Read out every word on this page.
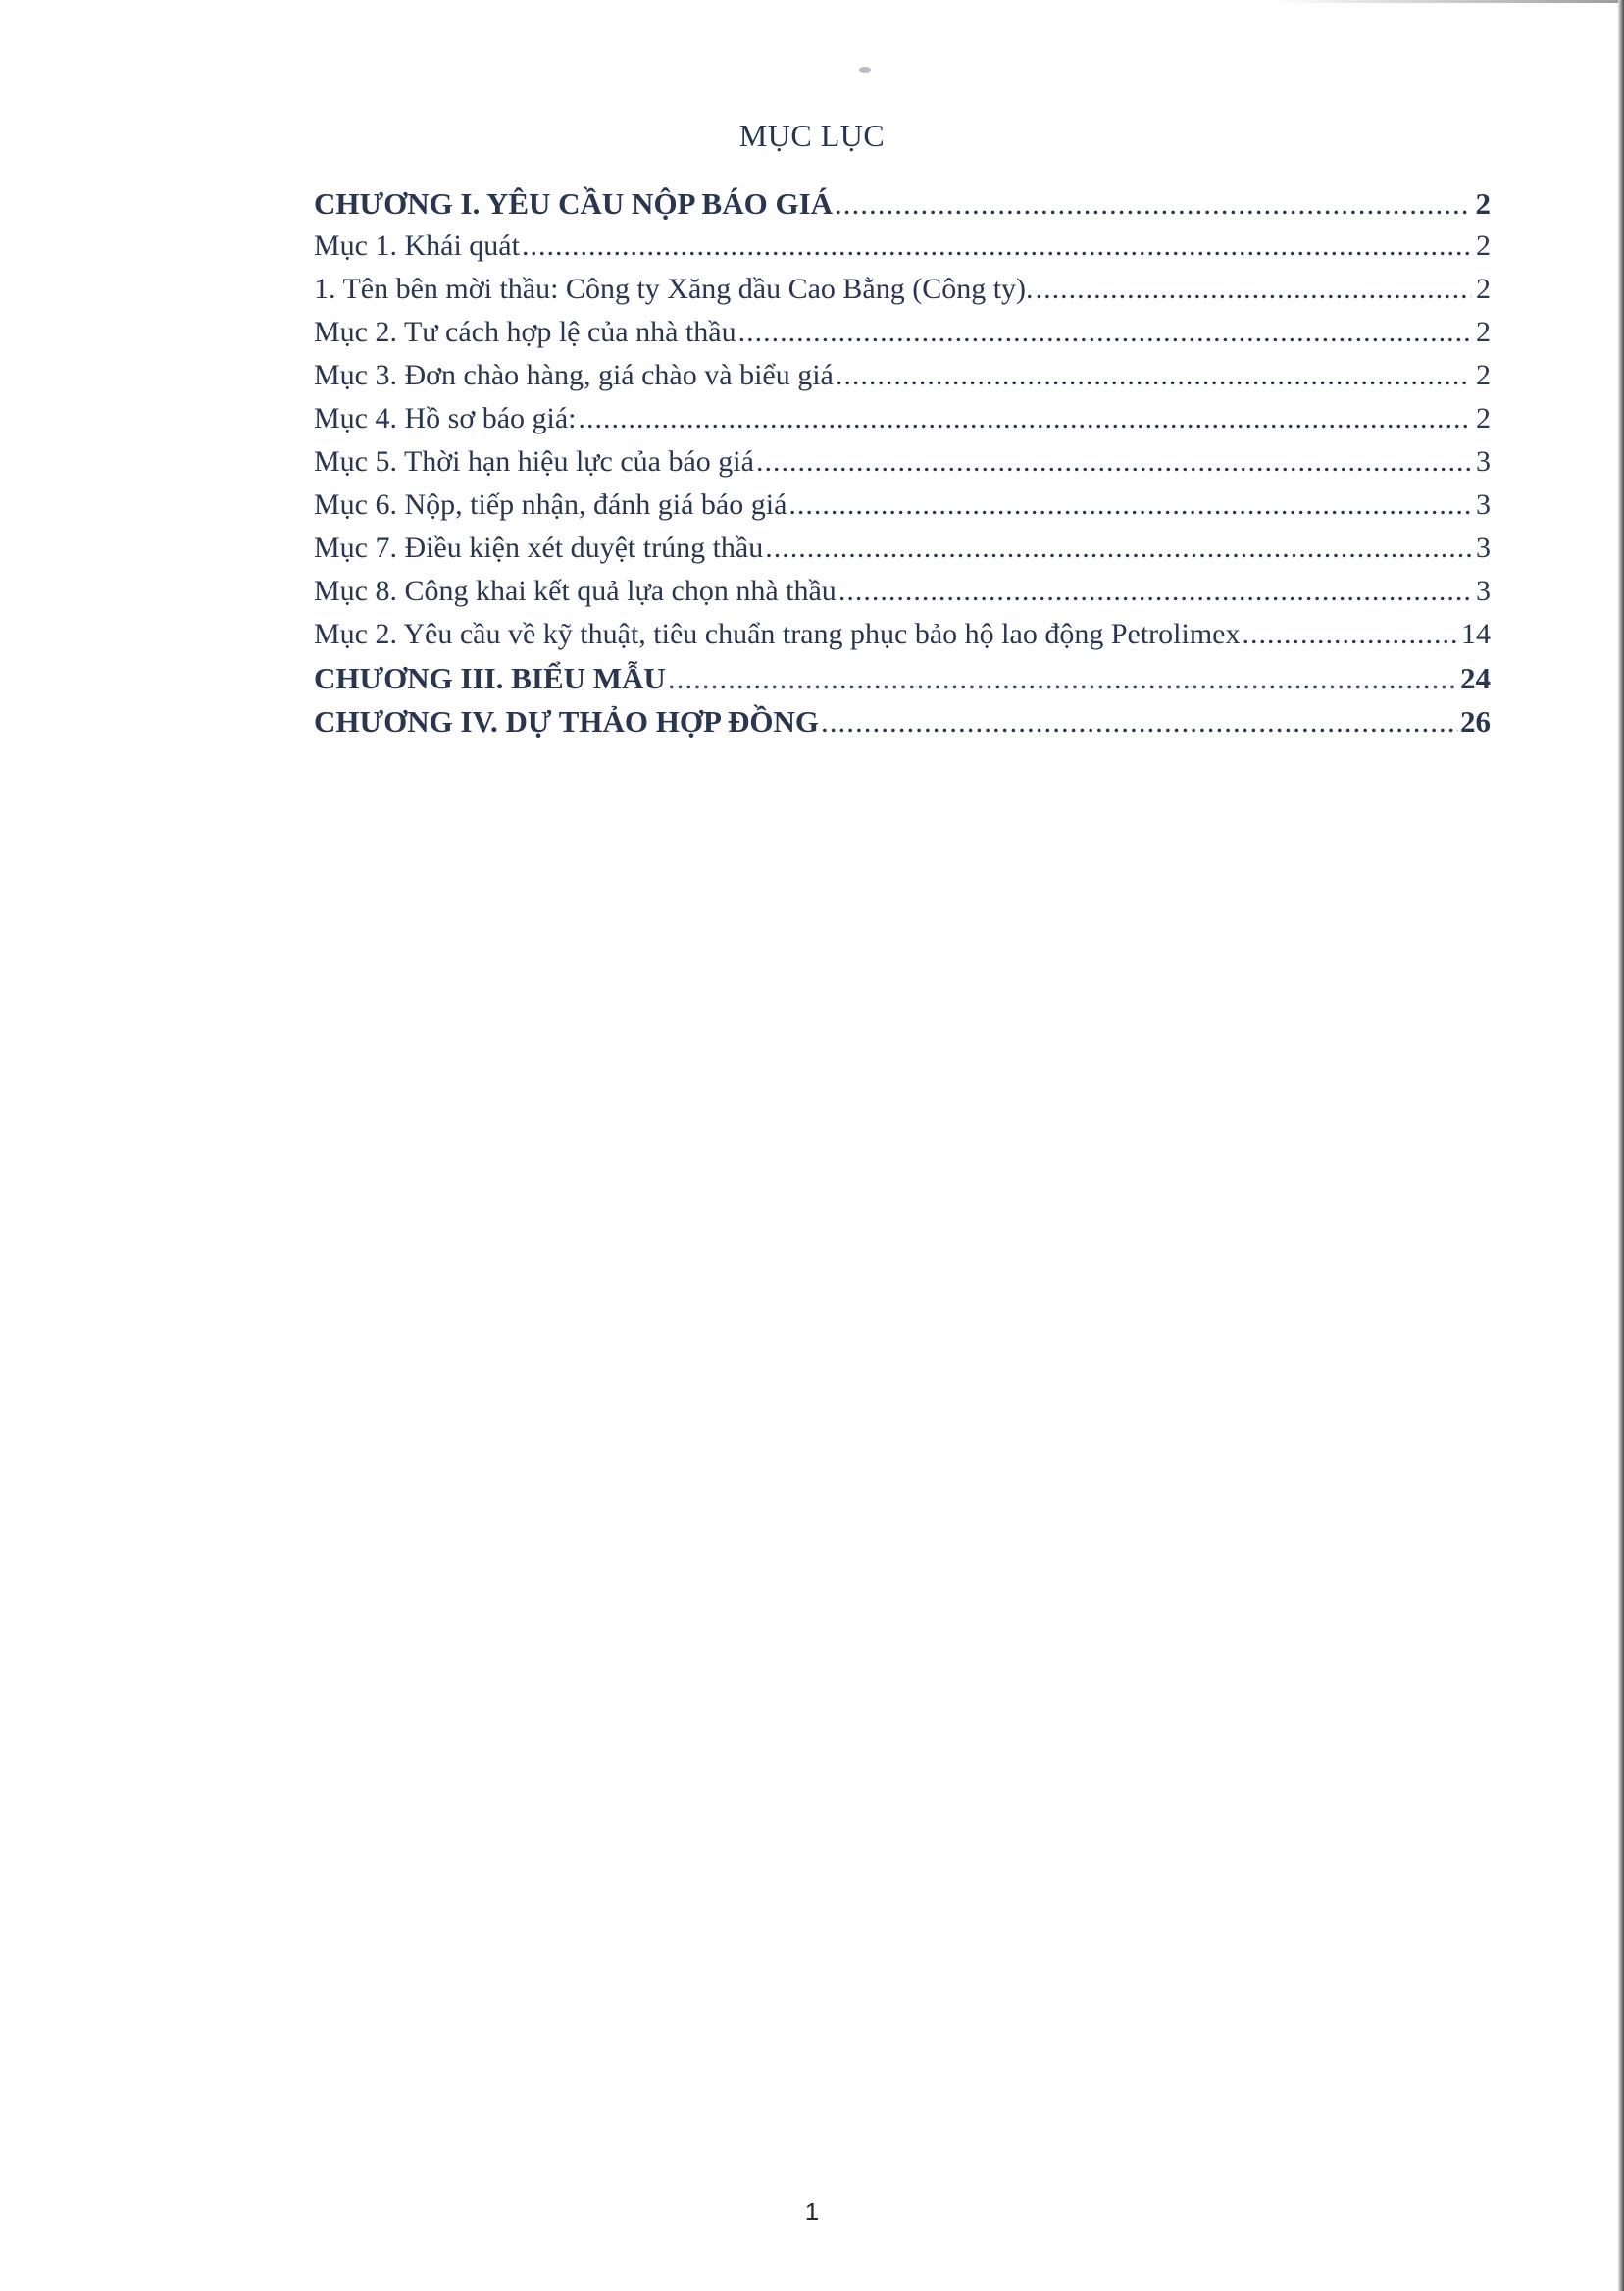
MỤC LỤC
CHƯƠNG I. YÊU CẦU NỘP BÁO GIÁ .....	2
Mục 1. Khái quát .....	2
1. Tên bên mời thầu: Công ty Xăng dầu Cao Bằng (Công ty). .....	2
Mục 2. Tư cách hợp lệ của nhà thầu .....	2
Mục 3. Đơn chào hàng, giá chào và biểu giá .....	2
Mục 4. Hồ sơ báo giá: .....	2
Mục 5. Thời hạn hiệu lực của báo giá .....	3
Mục 6. Nộp, tiếp nhận, đánh giá báo giá .....	3
Mục 7. Điều kiện xét duyệt trúng thầu .....	3
Mục 8. Công khai kết quả lựa chọn nhà thầu .....	3
Mục 2. Yêu cầu về kỹ thuật, tiêu chuẩn trang phục bảo hộ lao động Petrolimex .....	14
CHƯƠNG III. BIỂU MẪU .....	24
CHƯƠNG IV. DỰ THẢO HỢP ĐỒNG .....	26
1
